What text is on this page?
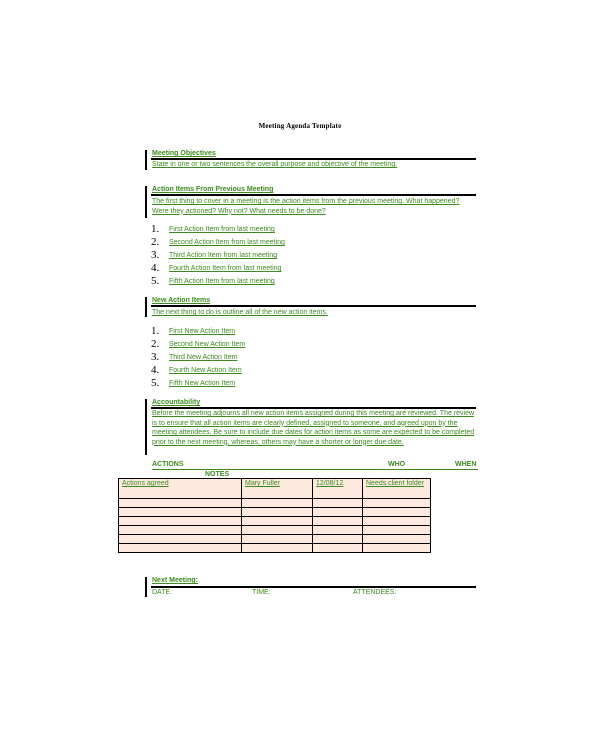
Meeting Agenda Template
Meeting Objectives
State in one or two sentences the overall purpose and objective of the meeting.
Action Items From Previous Meeting
The first thing to cover in a meeting is the action items from the previous meeting. What happened? Were they actioned? Why not? What needs to be done?
1. First Action Item from last meeting
2. Second Action Item from last meeting
3. Third Action Item from last meeting
4. Fourth Action Item from last meeting
5. Fifth Action Item from last meeting
New Action Items
The next thing to do is outline all of the new action items.
1. First New Action Item
2. Second New Action Item
3. Third New Action Item
4. Fourth New Action Item
5. Fifth New Action Item
Accountability
Before the meeting adjourns all new action items assigned during this meeting are reviewed. The review is to ensure that all action items are clearly defined, assigned to someone, and agreed upon by the meeting attendees. Be sure to include due dates for action items as some are expected to be completed prior to the next meeting, whereas, others may have a shorter or longer due date.
ACTIONS	WHO	WHEN
NOTES
Actions agreed	Mary Fuller	12/08/12	Needs client folder

Next Meeting:
DATE:	TIME:	ATTENDEES:
